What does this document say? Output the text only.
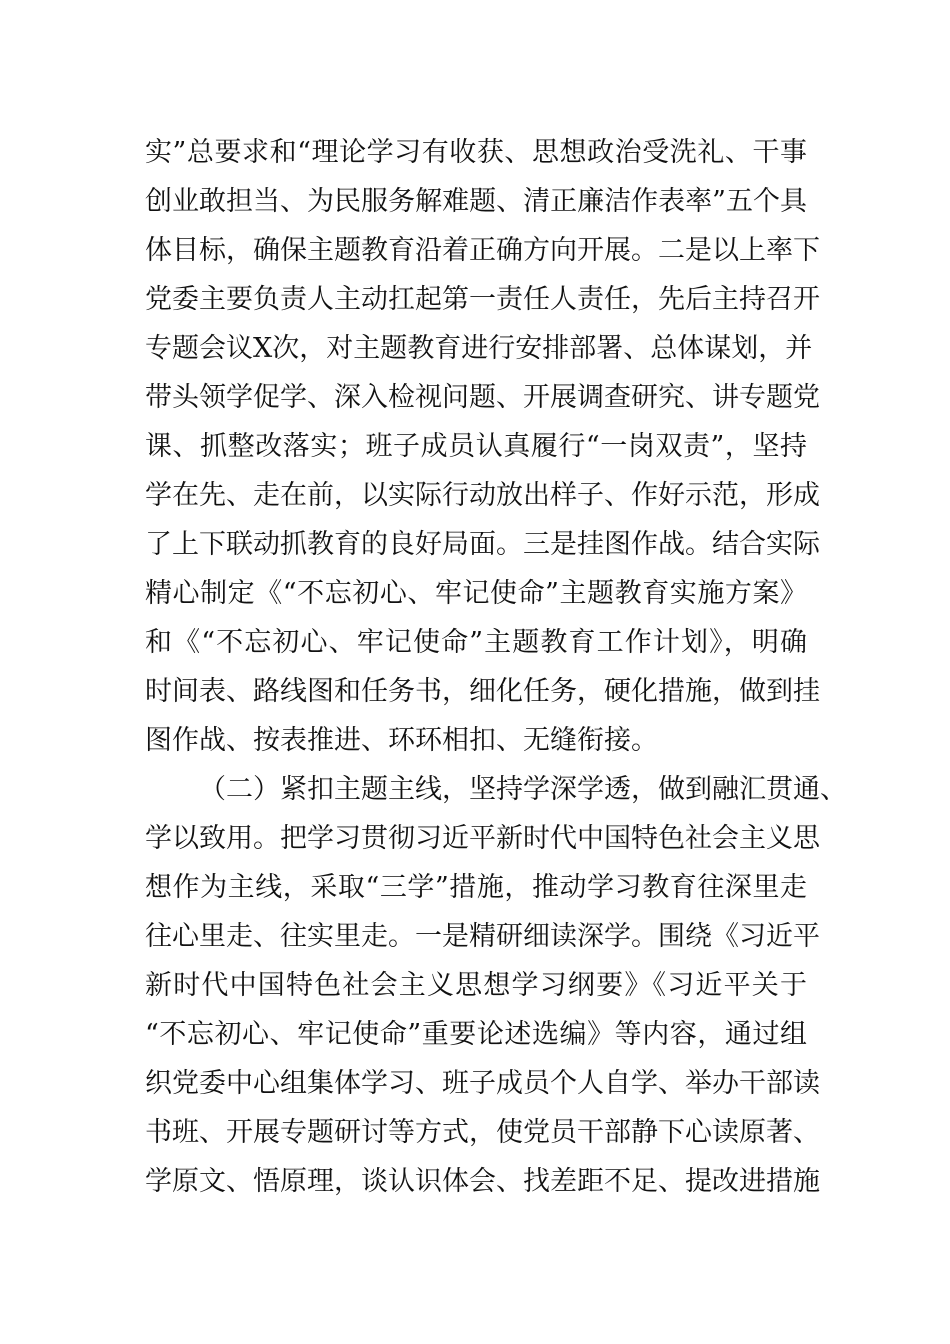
实”总要求和“理论学习有收获、思想政治受洗礼、干事
创业敢担当、为民服务解难题、清正廉洁作表率”五个具
体目标，确保主题教育沿着正确方向开展。二是以上率下
党委主要负责人主动扛起第一责任人责任，先后主持召开
专题会议X次，对主题教育进行安排部署、总体谋划，并
带头领学促学、深入检视问题、开展调查研究、讲专题党
课、抓整改落实；班子成员认真履行“一岗双责”，坚持
学在先、走在前，以实际行动放出样子、作好示范，形成
了上下联动抓教育的良好局面。三是挂图作战。结合实际
精心制定《“不忘初心、牢记使命”主题教育实施方案》
和《“不忘初心、牢记使命”主题教育工作计划》，明确
时间表、路线图和任务书，细化任务，硬化措施，做到挂
图作战、按表推进、环环相扣、无缝衔接。
（二）紧扣主题主线，坚持学深学透，做到融汇贯通、
学以致用。把学习贯彻习近平新时代中国特色社会主义思
想作为主线，采取“三学”措施，推动学习教育往深里走
往心里走、往实里走。一是精研细读深学。围绕《习近平
新时代中国特色社会主义思想学习纲要》《习近平关于
“不忘初心、牢记使命”重要论述选编》等内容，通过组
织党委中心组集体学习、班子成员个人自学、举办干部读
书班、开展专题研讨等方式，使党员干部静下心读原著、
学原文、悟原理，谈认识体会、找差距不足、提改进措施
